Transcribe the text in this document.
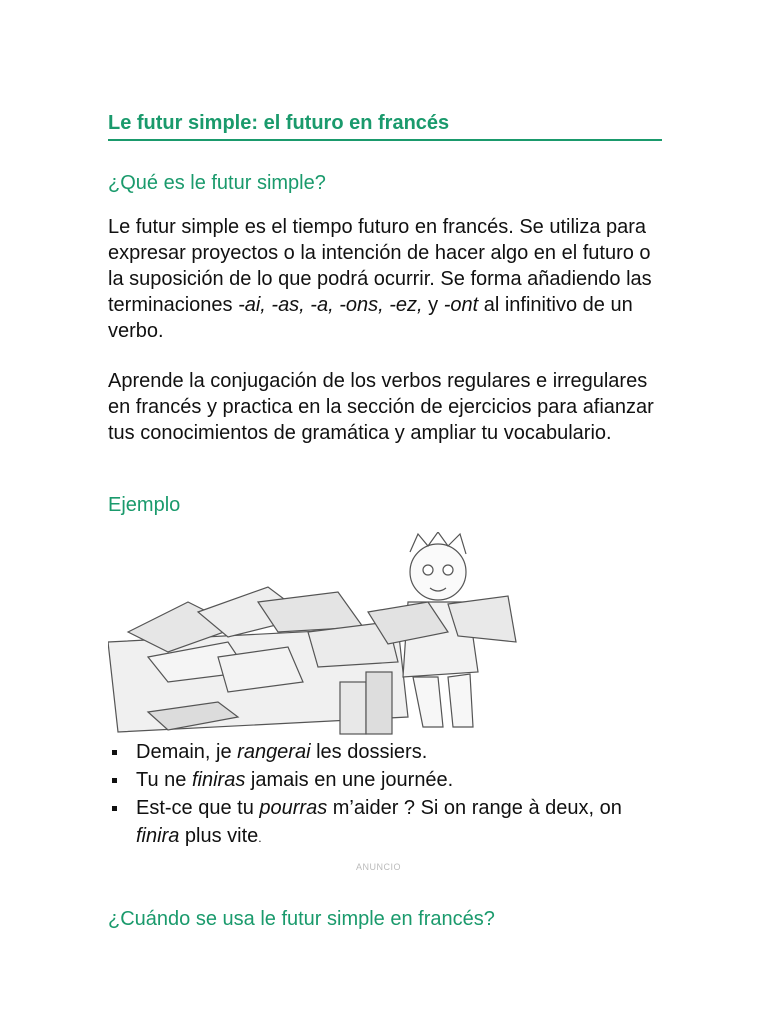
Le futur simple: el futuro en francés
¿Qué es le futur simple?

Le futur simple es el tiempo futuro en francés. Se utiliza para expresar proyectos o la intención de hacer algo en el futuro o la suposición de lo que podrá ocurrir. Se forma añadiendo las terminaciones -ai, -as, -a, -ons, -ez, y -ont al infinitivo de un verbo.

Aprende la conjugación de los verbos regulares e irregulares en francés y practica en la sección de ejercicios para afianzar tus conocimientos de gramática y ampliar tu vocabulario.

Ejemplo
Demain, je rangerai les dossiers.
Tu ne finiras jamais en une journée.
Est-ce que tu pourras m’aider ? Si on range à deux, on finira plus vite.
ANUNCIO
¿Cuándo se usa le futur simple en francés?
